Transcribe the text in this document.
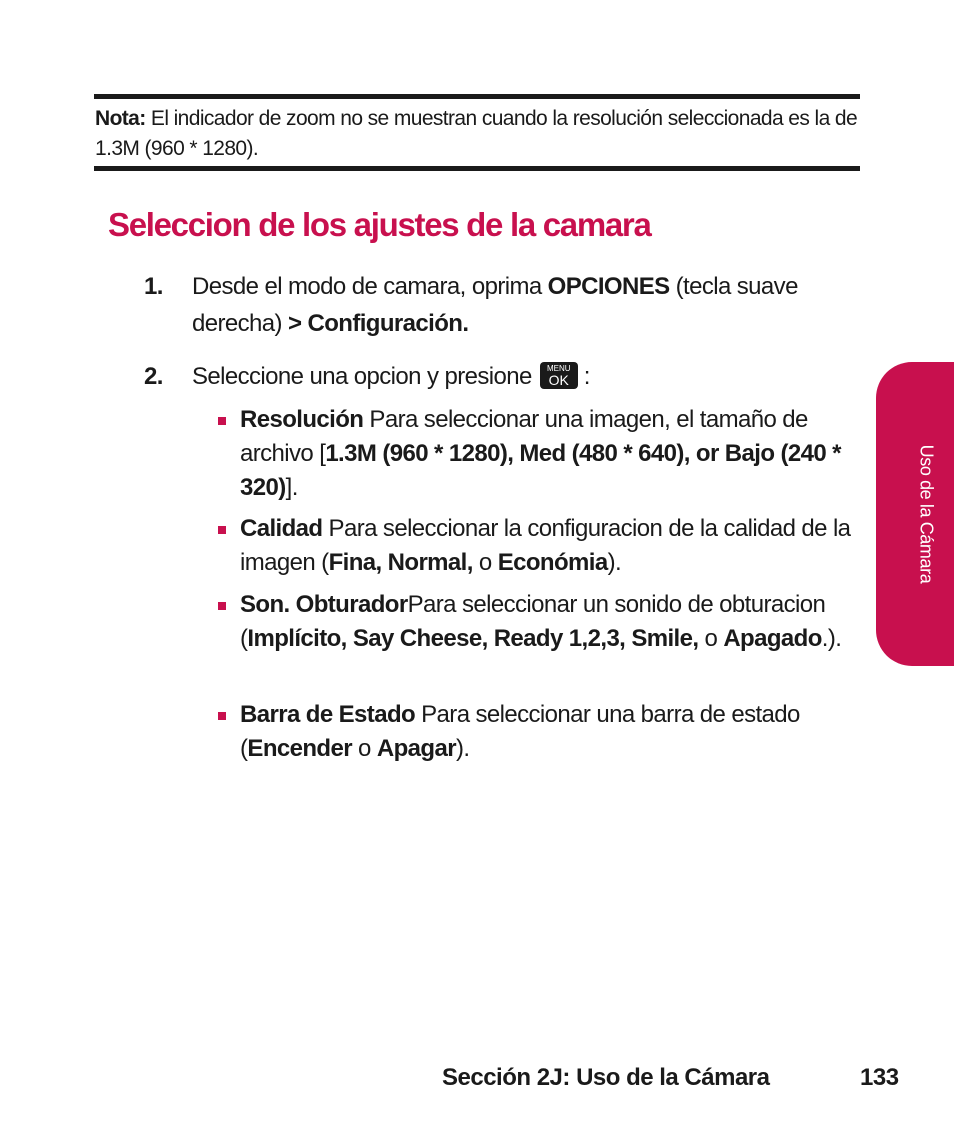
Nota: El indicador de zoom no se muestran cuando la resolución seleccionada es la de 1.3M (960 * 1280).
Seleccion de los ajustes de la camara
1. Desde el modo de camara, oprima OPCIONES (tecla suave derecha) > Configuración.
2. Seleccione una opcion y presione	MENU
OK :
Resolución Para seleccionar una imagen, el tamaño de archivo [1.3M (960 * 1280), Med (480 * 640), or Bajo (240 * 320)].
Calidad Para seleccionar la configuracion de la calidad de la imagen (Fina, Normal, o Económia).
Son. ObturadorPara seleccionar un sonido de obturacion (Implícito, Say Cheese, Ready 1,2,3, Smile, o Apagado.).
Barra de Estado Para seleccionar una barra de estado (Encender o Apagar).
Uso de la Cámara
Sección 2J: Uso de la Cámara	133
